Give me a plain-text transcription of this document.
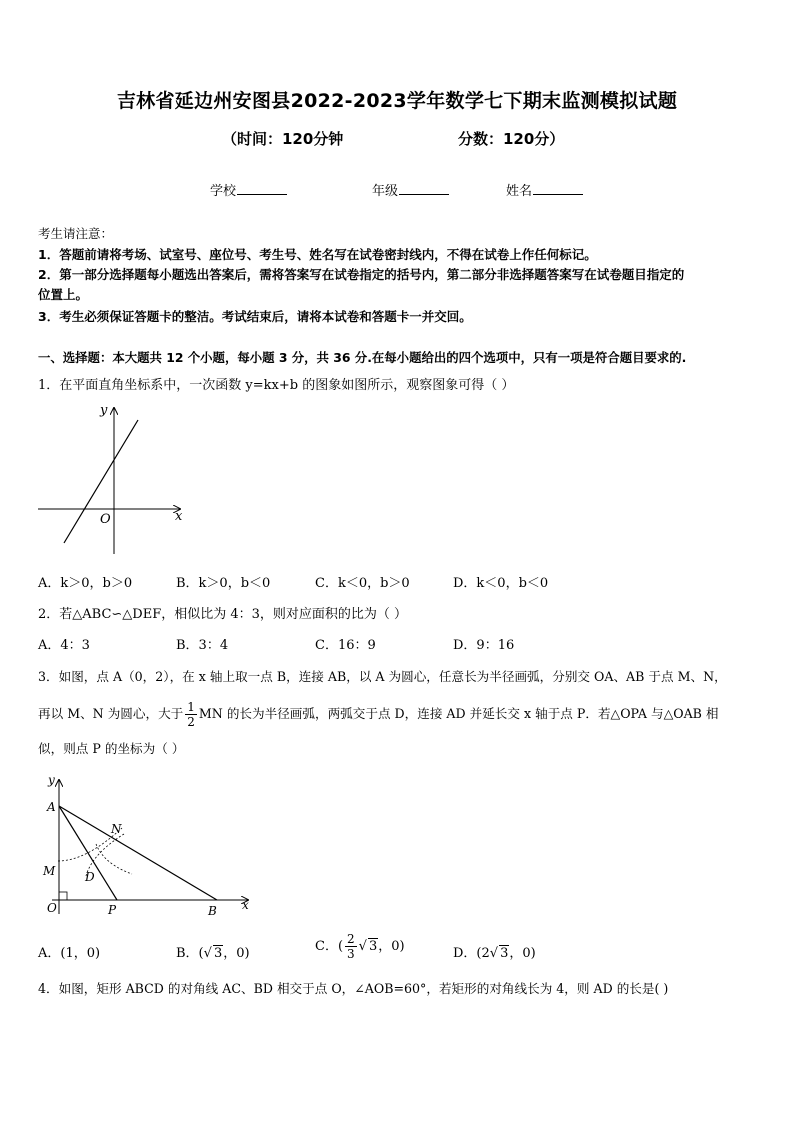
吉林省延边州安图县2022-2023学年数学七下期末监测模拟试题
（时间：120分钟	分数：120分）
学校	年级	姓名
考生请注意：
1．答题前请将考场、试室号、座位号、考生号、姓名写在试卷密封线内，不得在试卷上作任何标记。
2．第一部分选择题每小题选出答案后，需将答案写在试卷指定的括号内，第二部分非选择题答案写在试卷题目指定的
位置上。
3．考生必须保证答题卡的整洁。考试结束后，请将本试卷和答题卡一并交回。
一、选择题：本大题共 12 个小题，每小题 3 分，共 36 分.在每小题给出的四个选项中，只有一项是符合题目要求的.
1．在平面直角坐标系中，一次函数 y=kx+b 的图象如图所示，观察图象可得（ ）
y
x
O
A．k＞0，b＞0	B．k＞0，b＜0	C．k＜0，b＞0	D．k＜0，b＜0
2．若△ABC∽△DEF，相似比为 4：3，则对应面积的比为（ ）
A．4：3	B．3：4	C．16：9	D．9：16
3．如图，点 A（0，2），在 x 轴上取一点 B，连接 AB，以 A 为圆心，任意长为半径画弧，分别交 OA、AB 于点 M、N，
再以 M、N 为圆心，大于 $\frac{1}{2}$ MN 的长为半径画弧，两弧交于点 D，连接 AD 并延长交 x 轴于点 P．若△OPA 与△OAB 相
似，则点 P 的坐标为（ ）
y
x
A
N
M D
O	P	B
A．(1，0)	B．(√ 3，0)	C．( $\frac{2}{3}$ √ 3，0)	D．(2√ 3，0)
4．如图，矩形 ABCD 的对角线 AC、BD 相交于点 O，∠AOB=60°，若矩形的对角线长为 4，则 AD 的长是( )
